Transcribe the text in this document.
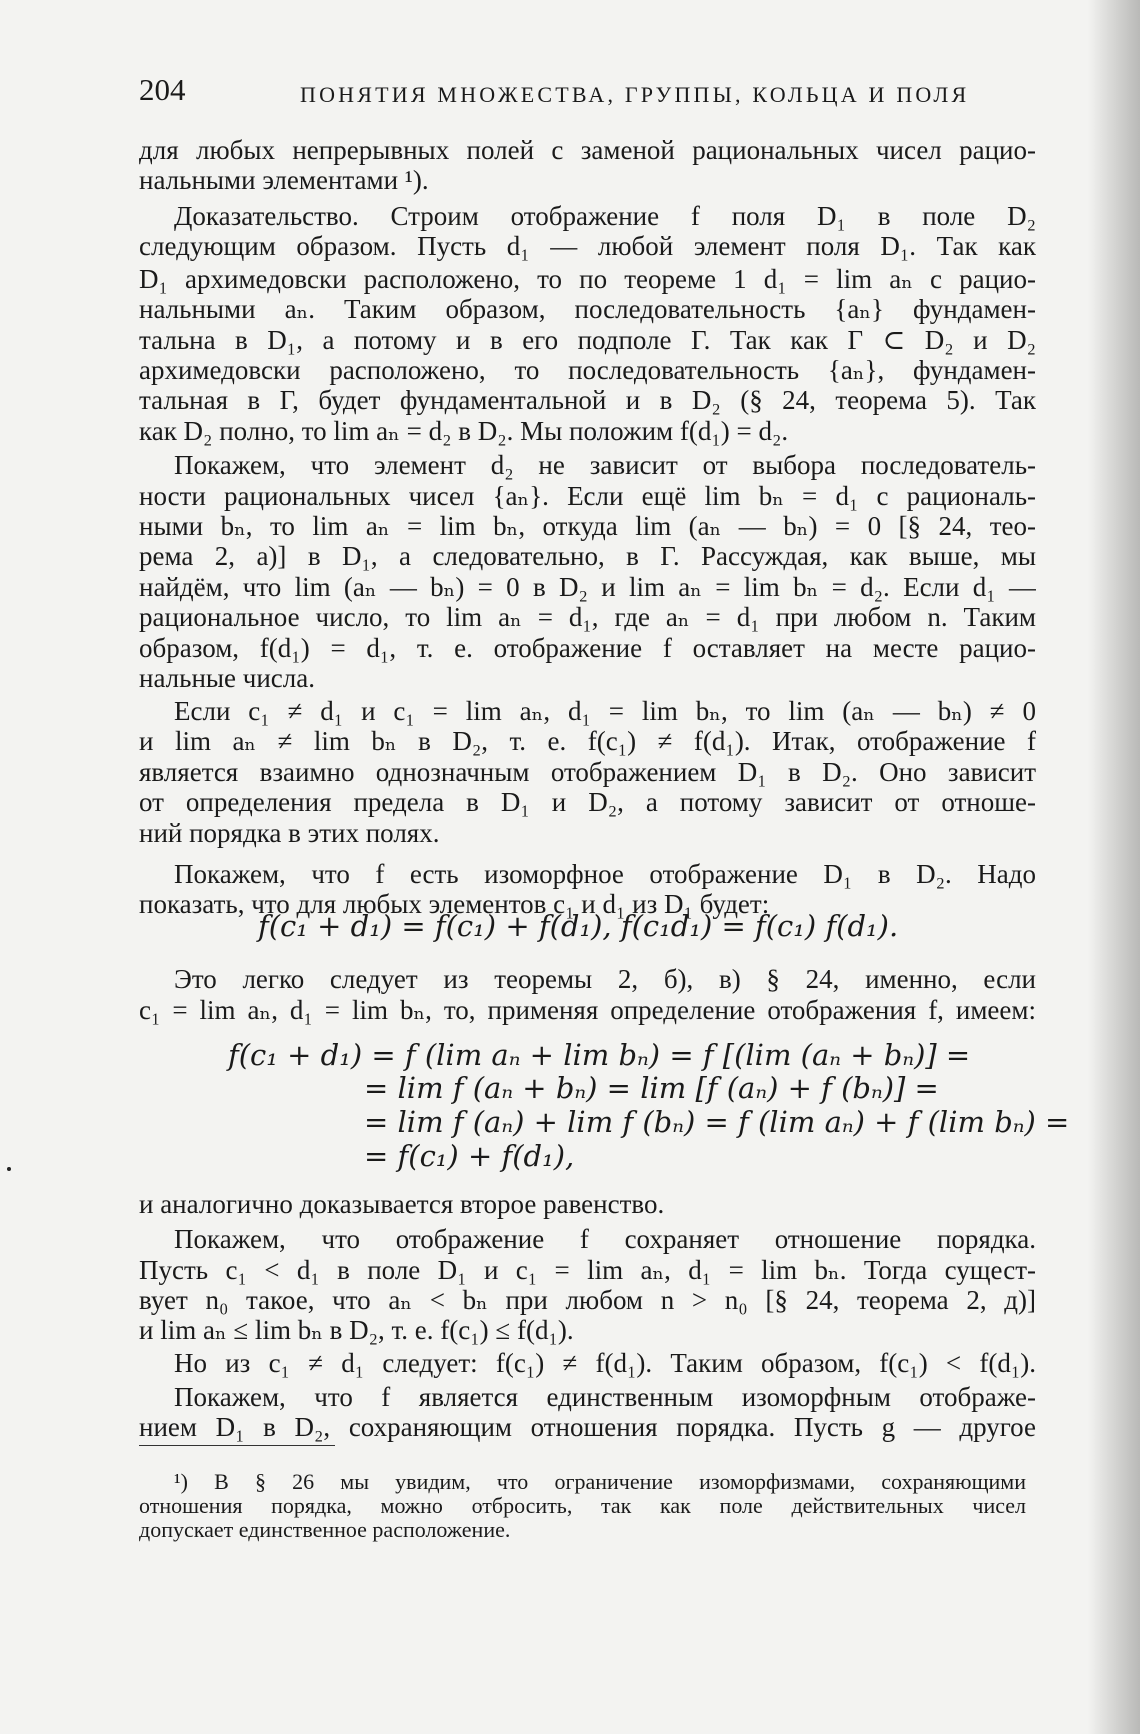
204	ПОНЯТИЯ МНОЖЕСТВА, ГРУППЫ, КОЛЬЦА И ПОЛЯ
для любых непрерывных полей с заменой рациональных чисел рацио-
нальными элементами ¹).
Доказательство. Строим отображение f поля D₁ в поле D₂
следующим образом. Пусть d₁ — любой элемент поля D₁. Так как
D₁ архимедовски расположено, то по теореме 1 d₁ = lim aₙ с рацио-
нальными aₙ. Таким образом, последовательность {aₙ} фундамен-
тальна в D₁, а потому и в его подполе Г. Так как Г ⊂ D₂ и D₂
архимедовски расположено, то последовательность {aₙ}, фундамен-
тальная в Г, будет фундаментальной и в D₂ (§ 24, теорема 5). Так
как D₂ полно, то lim aₙ = d₂ в D₂. Мы положим f(d₁) = d₂.
Покажем, что элемент d₂ не зависит от выбора последователь-
ности рациональных чисел {aₙ}. Если ещё lim bₙ = d₁ с рациональ-
ными bₙ, то lim aₙ = lim bₙ, откуда lim (aₙ — bₙ) = 0 [§ 24, тео-
рема 2, а)] в D₁, а следовательно, в Г. Рассуждая, как выше, мы
найдём, что lim (aₙ — bₙ) = 0 в D₂ и lim aₙ = lim bₙ = d₂. Если d₁ —
рациональное число, то lim aₙ = d₁, где aₙ = d₁ при любом n. Таким
образом, f(d₁) = d₁, т. е. отображение f оставляет на месте рацио-
нальные числа.
Если c₁ ≠ d₁ и c₁ = lim aₙ, d₁ = lim bₙ, то lim (aₙ — bₙ) ≠ 0
и lim aₙ ≠ lim bₙ в D₂, т. е. f(c₁) ≠ f(d₁). Итак, отображение f
является взаимно однозначным отображением D₁ в D₂. Оно зависит
от определения предела в D₁ и D₂, а потому зависит от отноше-
ний порядка в этих полях.
Покажем, что f есть изоморфное отображение D₁ в D₂. Надо
показать, что для любых элементов c₁ и d₁ из D₁ будет:
f(c₁ + d₁) = f(c₁) + f(d₁), f(c₁d₁) = f(c₁) f(d₁).
Это легко следует из теоремы 2, б), в) § 24, именно, если
c₁ = lim aₙ, d₁ = lim bₙ, то, применяя определение отображения f, имеем:
f(c₁ + d₁) = f (lim aₙ + lim bₙ) = f [(lim (aₙ + bₙ)] =
= lim f (aₙ + bₙ) = lim [f (aₙ) + f (bₙ)] =
= lim f (aₙ) + lim f (bₙ) = f (lim aₙ) + f (lim bₙ) =
= f(c₁) + f(d₁),
и аналогично доказывается второе равенство.
Покажем, что отображение f сохраняет отношение порядка.
Пусть c₁ < d₁ в поле D₁ и c₁ = lim aₙ, d₁ = lim bₙ. Тогда сущест-
вует n₀ такое, что aₙ < bₙ при любом n > n₀ [§ 24, теорема 2, д)]
и lim aₙ ≤ lim bₙ в D₂, т. е. f(c₁) ≤ f(d₁).
Но из c₁ ≠ d₁ следует: f(c₁) ≠ f(d₁). Таким образом, f(c₁) < f(d₁).
Покажем, что f является единственным изоморфным отображе-
нием D₁ в D₂, сохраняющим отношения порядка. Пусть g — другое
¹) В § 26 мы увидим, что ограничение изоморфизмами, сохраняющими
отношения порядка, можно отбросить, так как поле действительных чисел
допускает единственное расположение.
